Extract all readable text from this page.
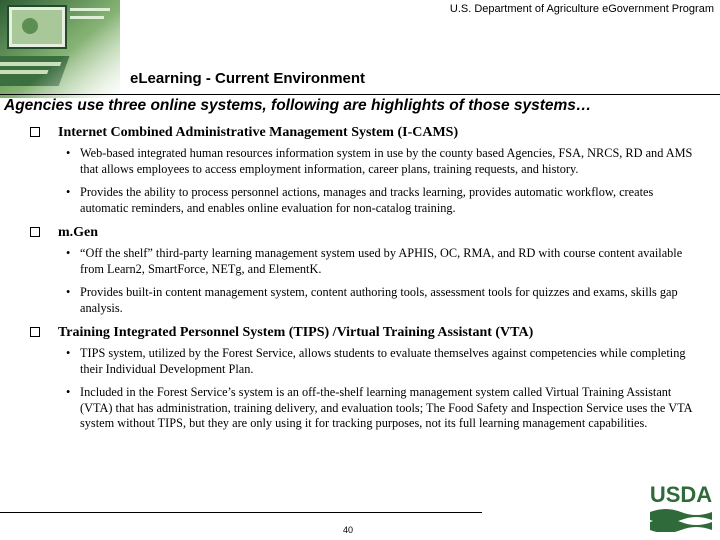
U.S. Department of Agriculture eGovernment Program
eLearning - Current Environment
Agencies use three online systems, following are highlights of those systems…
Internet Combined Administrative Management System (I-CAMS)
• Web-based integrated human resources information system in use by the county based Agencies, FSA, NRCS, RD and AMS that allows employees to access employment information, career plans, training requests, and history.
• Provides the ability to process personnel actions, manages and tracks learning, provides automatic workflow, creates automatic reminders, and enables online evaluation for non-catalog training.
m.Gen
• “Off the shelf” third-party learning management system used by APHIS, OC, RMA, and RD with course content available from Learn2, SmartForce, NETg, and ElementK.
• Provides built-in content management system, content authoring tools, assessment tools for quizzes and exams, skills gap analysis.
Training Integrated Personnel System (TIPS) /Virtual Training Assistant (VTA)
• TIPS system, utilized by the Forest Service, allows students to evaluate themselves against competencies while completing their Individual Development Plan.
• Included in the Forest Service’s system is an off-the-shelf learning management system called Virtual Training Assistant (VTA) that has administration, training delivery, and evaluation tools; The Food Safety and Inspection Service uses the VTA system without TIPS, but they are only using it for tracking purposes, not its full learning management capabilities.
USDA
40
